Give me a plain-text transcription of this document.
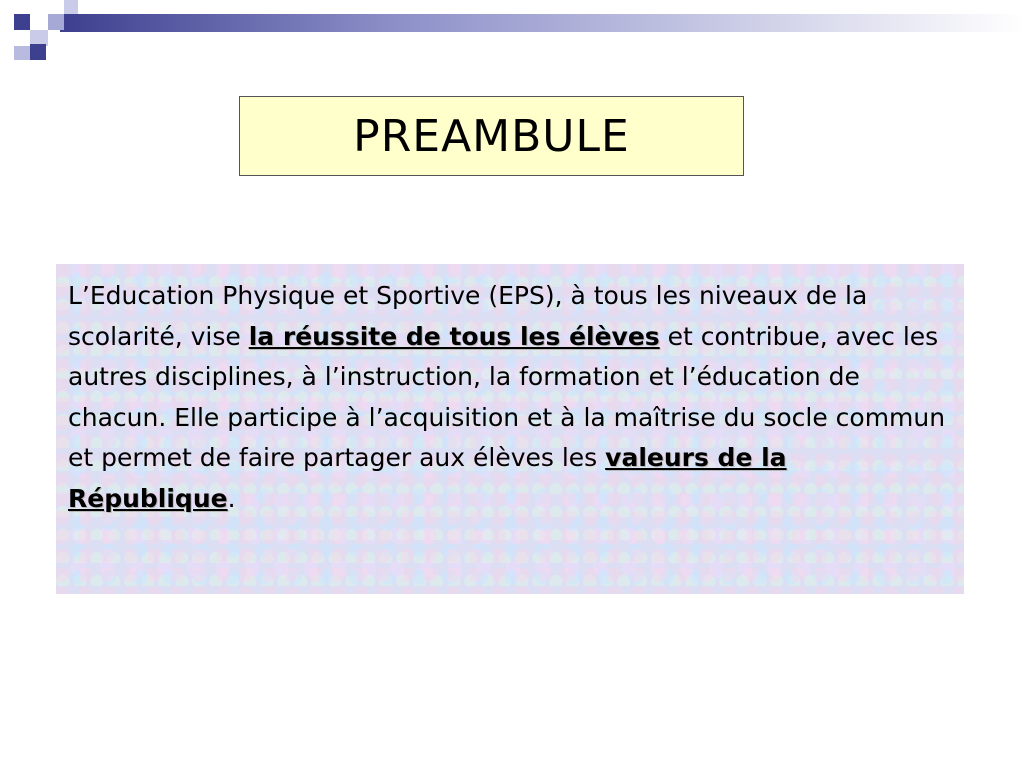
PREAMBULE

L’Education Physique et Sportive (EPS), à tous les niveaux de la scolarité, vise la réussite de tous les élèves et contribue, avec les autres disciplines, à l’instruction, la formation et l’éducation de chacun. Elle participe à l’acquisition et à la maîtrise du socle commun et permet de faire partager aux élèves les valeurs de la République.
